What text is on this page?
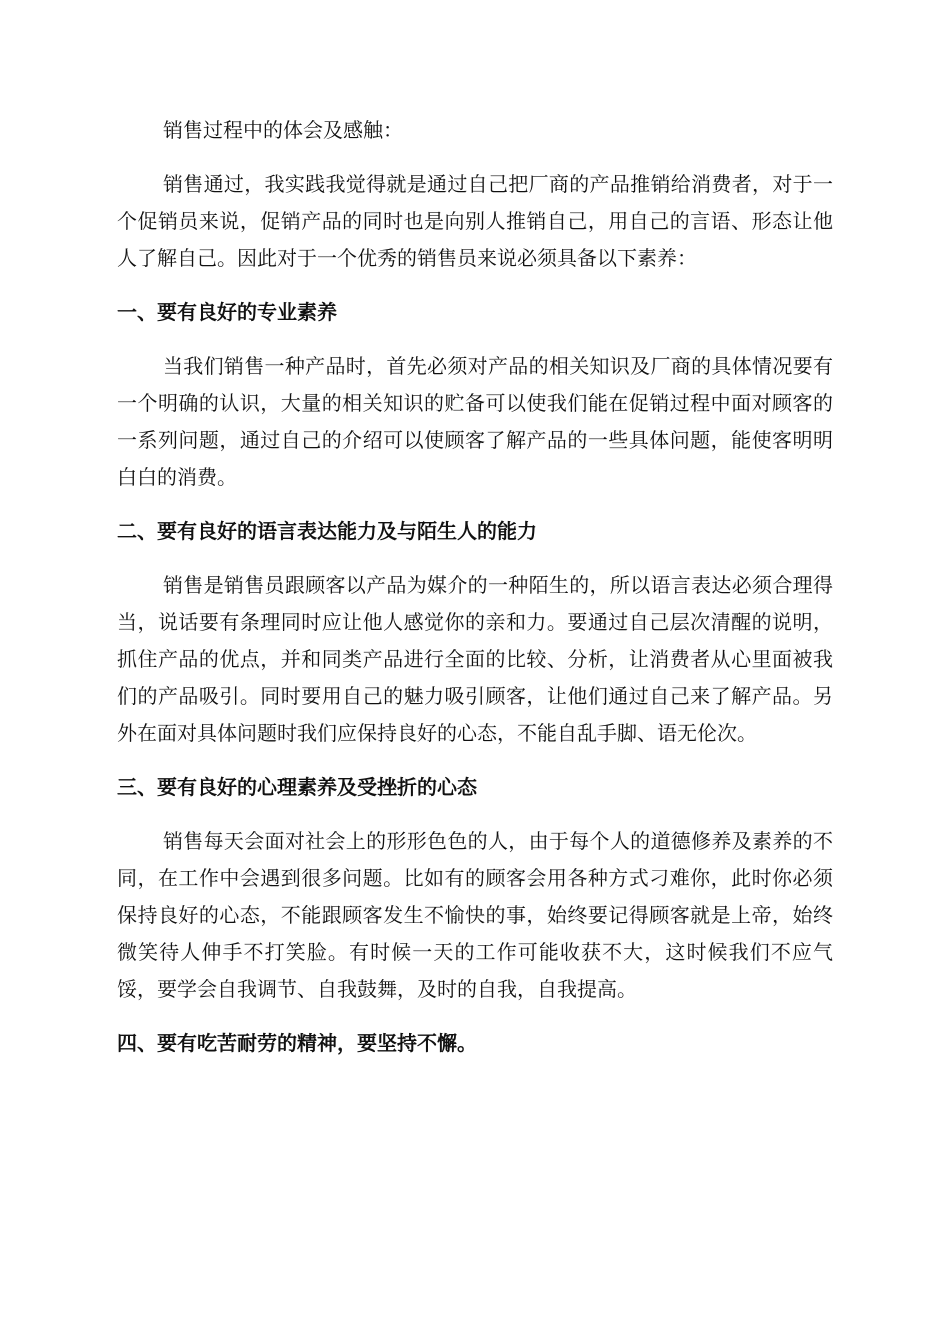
销售过程中的体会及感触：

销售通过，我实践我觉得就是通过自己把厂商的产品推销给消费者，对于一个促销员来说，促销产品的同时也是向别人推销自己，用自己的言语、形态让他人了解自己。因此对于一个优秀的销售员来说必须具备以下素养：

一、要有良好的专业素养

当我们销售一种产品时，首先必须对产品的相关知识及厂商的具体情况要有一个明确的认识，大量的相关知识的贮备可以使我们能在促销过程中面对顾客的一系列问题，通过自己的介绍可以使顾客了解产品的一些具体问题，能使客明明白白的消费。

二、要有良好的语言表达能力及与陌生人的能力

销售是销售员跟顾客以产品为媒介的一种陌生的，所以语言表达必须合理得当，说话要有条理同时应让他人感觉你的亲和力。要通过自己层次清醒的说明，抓住产品的优点，并和同类产品进行全面的比较、分析，让消费者从心里面被我们的产品吸引。同时要用自己的魅力吸引顾客，让他们通过自己来了解产品。另外在面对具体问题时我们应保持良好的心态，不能自乱手脚、语无伦次。

三、要有良好的心理素养及受挫折的心态

销售每天会面对社会上的形形色色的人，由于每个人的道德修养及素养的不同，在工作中会遇到很多问题。比如有的顾客会用各种方式刁难你，此时你必须保持良好的心态，不能跟顾客发生不愉快的事，始终要记得顾客就是上帝，始终微笑待人伸手不打笑脸。有时候一天的工作可能收获不大，这时候我们不应气馁，要学会自我调节、自我鼓舞，及时的自我，自我提高。

四、要有吃苦耐劳的精神，要坚持不懈。
